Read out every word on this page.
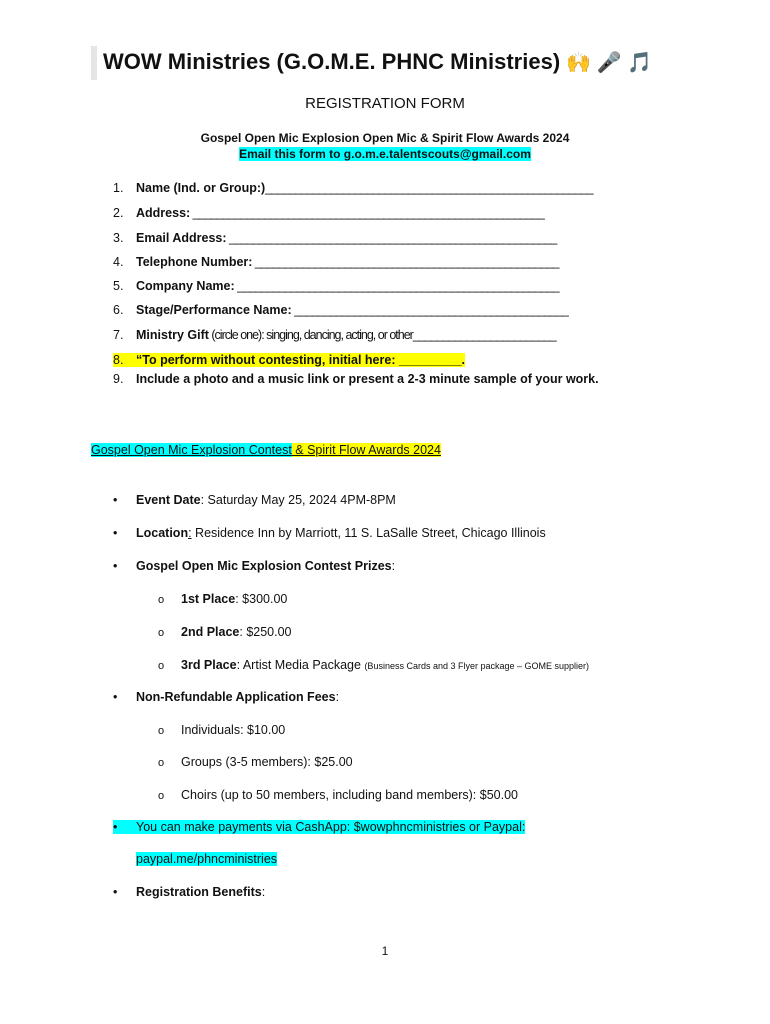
WOW Ministries (G.O.M.E. PHNC Ministries) 🙌 🎤 🎵
REGISTRATION FORM
Gospel Open Mic Explosion Open Mic & Spirit Flow Awards 2024
Email this form to g.o.m.e.talentscouts@gmail.com
1. Name (Ind. or Group:)_______________________________________________________
2. Address: ___________________________________________________________
3. Email Address: _______________________________________________________
4. Telephone Number: ___________________________________________________
5. Company Name: ______________________________________________________
6. Stage/Performance Name: ______________________________________________
7. Ministry Gift (circle one): singing, dancing, acting, or other________________________
8. “To perform without contesting, initial here: _________.
9. Include a photo and a music link or present a 2-3 minute sample of your work.
Gospel Open Mic Explosion Contest & Spirit Flow Awards 2024
• Event Date: Saturday May 25, 2024 4PM-8PM
• Location: Residence Inn by Marriott, 11 S. LaSalle Street, Chicago Illinois
• Gospel Open Mic Explosion Contest Prizes:
o 1st Place: $300.00
o 2nd Place: $250.00
o 3rd Place: Artist Media Package (Business Cards and 3 Flyer package – GOME supplier)
• Non-Refundable Application Fees:
o Individuals: $10.00
o Groups (3-5 members): $25.00
o Choirs (up to 50 members, including band members): $50.00
• You can make payments via CashApp: $wowphncministries or Paypal:
paypal.me/phncministries
• Registration Benefits:
1
